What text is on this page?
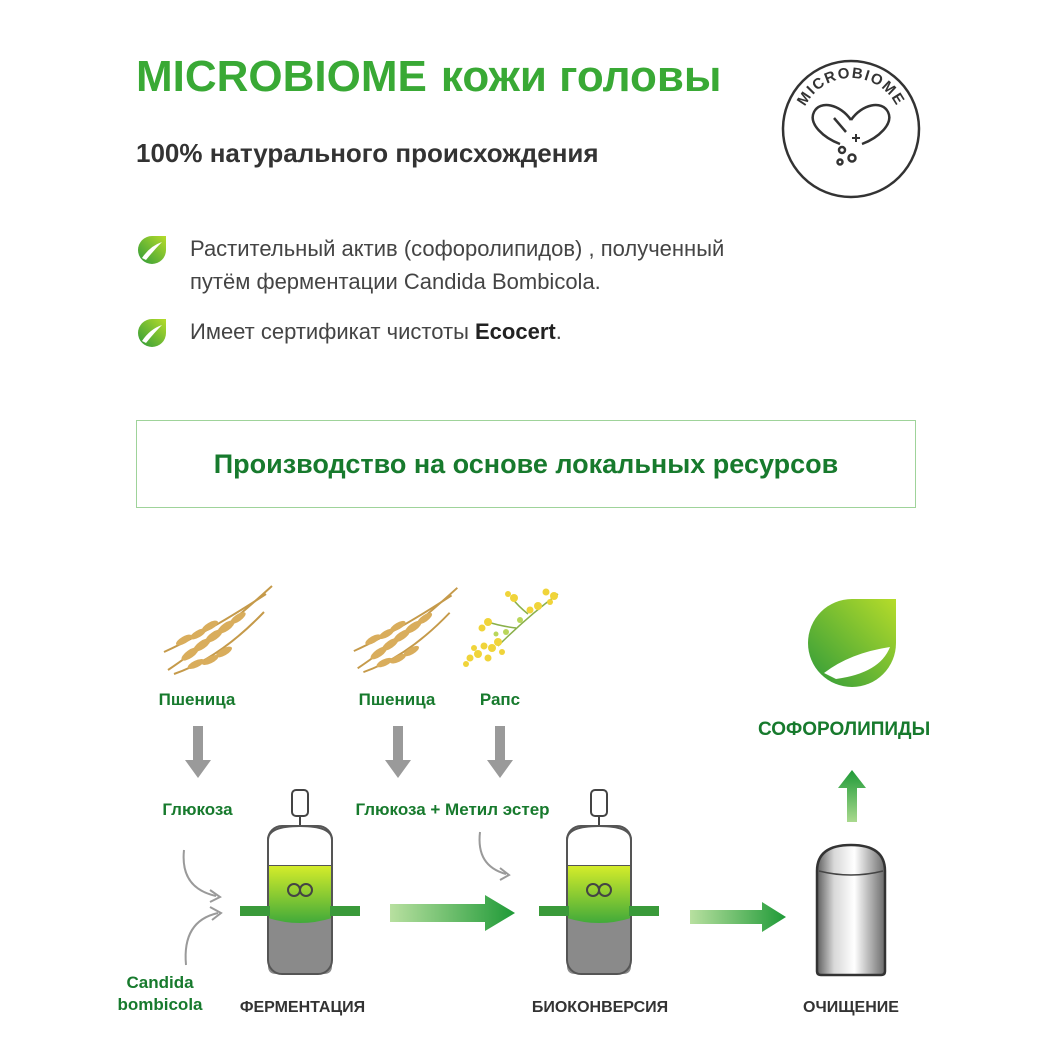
MICROBIOME кожи головы
100% натурального происхождения
MICROBIOME
Растительный актив (софоролипидов) , полученный
путём ферментации Candida Bombicola.
Имеет сертификат чистоты Ecocert.
Производство на основе локальных ресурсов
Пшеница	Пшеница	Рапс
СОФОРОЛИПИДЫ
Глюкоза	Глюкоза + Метил эстер
Candida
bombicola	ФЕРМЕНТАЦИЯ	БИОКОНВЕРСИЯ	ОЧИЩЕНИЕ
